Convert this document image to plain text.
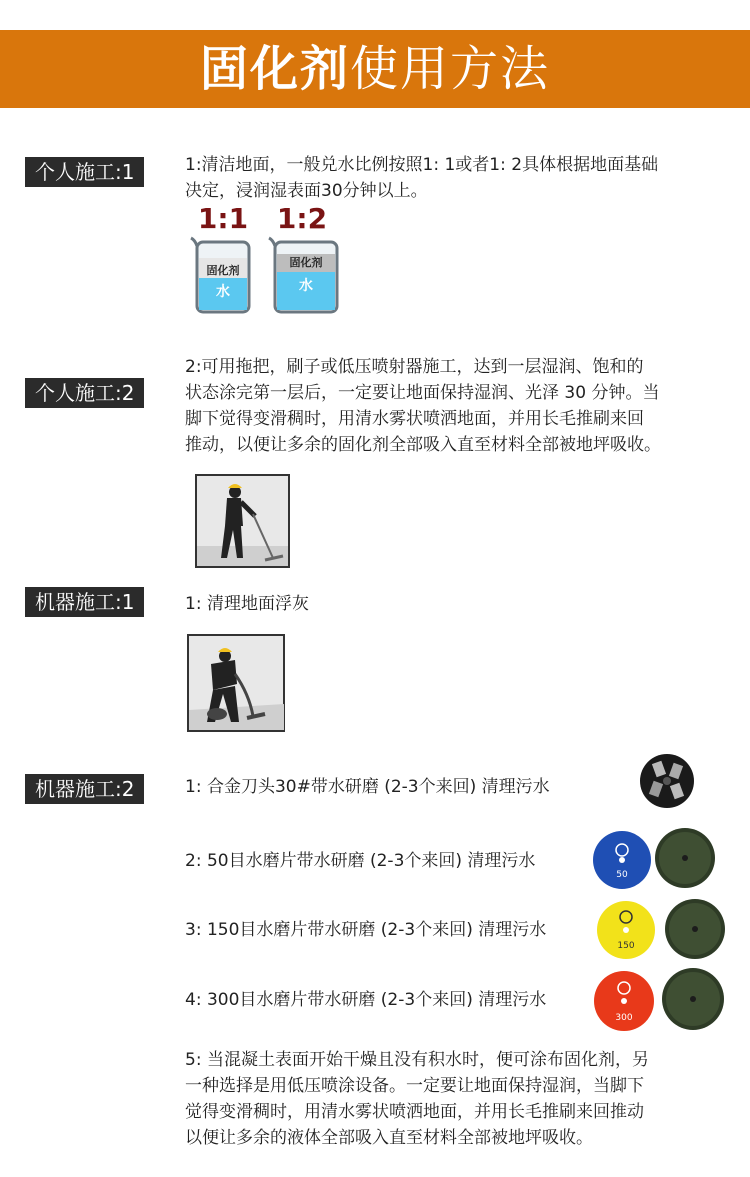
固化剂使用方法
个人施工:1	1:清洁地面，一般兑水比例按照1: 1或者1: 2具体根据地面基础
决定，浸润湿表面30分钟以上。
1:1 1:2
固化剂
水
固化剂
水
个人施工:2
2:可用拖把，刷子或低压喷射器施工，达到一层湿润、饱和的
状态涂完第一层后，一定要让地面保持湿润、光泽 30 分钟。当
脚下觉得变滑稠时，用清水雾状喷洒地面，并用长毛推刷来回
推动，以便让多余的固化剂全部吸入直至材料全部被地坪吸收。
机器施工:1	1: 清理地面浮灰
机器施工:2	1: 合金刀头30#带水研磨 (2-3个来回) 清理污水
2: 50目水磨片带水研磨 (2-3个来回) 清理污水
3: 150目水磨片带水研磨 (2-3个来回) 清理污水
4: 300目水磨片带水研磨 (2-3个来回) 清理污水
50
150
300
5: 当混凝土表面开始干燥且没有积水时，便可涂布固化剂，另
一种选择是用低压喷涂设备。一定要让地面保持湿润，当脚下
觉得变滑稠时，用清水雾状喷洒地面，并用长毛推刷来回推动
以便让多余的液体全部吸入直至材料全部被地坪吸收。
